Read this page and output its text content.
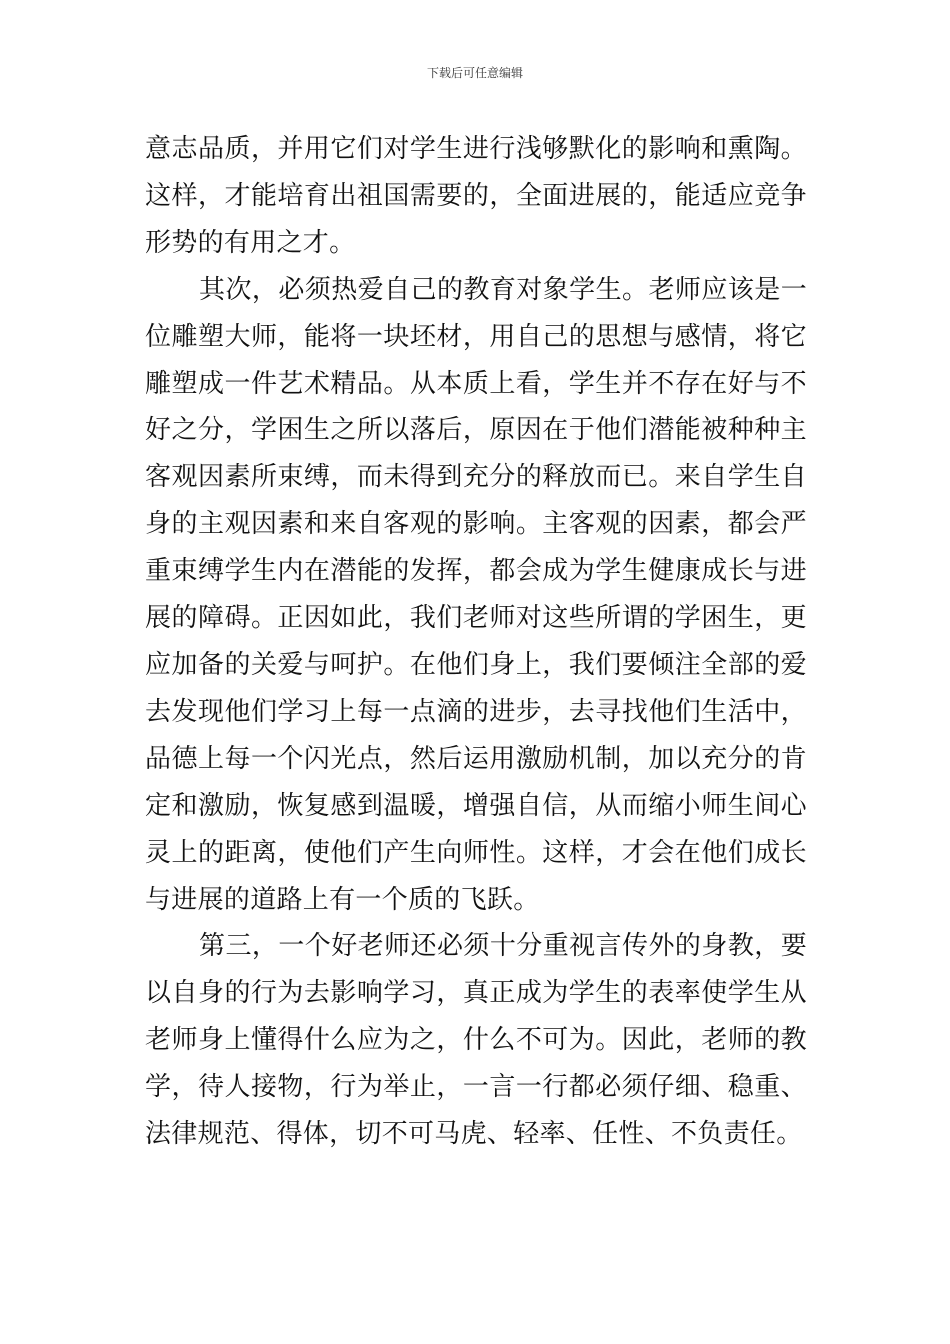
下载后可任意编辑

意志品质，并用它们对学生进行浅够默化的影响和熏陶。这样，才能培育出祖国需要的，全面进展的，能适应竞争形势的有用之才。

其次，必须热爱自己的教育对象学生。老师应该是一位雕塑大师，能将一块坯材，用自己的思想与感情，将它雕塑成一件艺术精品。从本质上看，学生并不存在好与不好之分，学困生之所以落后，原因在于他们潜能被种种主客观因素所束缚，而未得到充分的释放而已。来自学生自身的主观因素和来自客观的影响。主客观的因素，都会严重束缚学生内在潜能的发挥，都会成为学生健康成长与进展的障碍。正因如此，我们老师对这些所谓的学困生，更应加备的关爱与呵护。在他们身上，我们要倾注全部的爱去发现他们学习上每一点滴的进步，去寻找他们生活中，品德上每一个闪光点，然后运用激励机制，加以充分的肯定和激励，恢复感到温暖，增强自信，从而缩小师生间心灵上的距离，使他们产生向师性。这样，才会在他们成长与进展的道路上有一个质的飞跃。

第三，一个好老师还必须十分重视言传外的身教，要以自身的行为去影响学习，真正成为学生的表率使学生从老师身上懂得什么应为之，什么不可为。因此，老师的教学，待人接物，行为举止，一言一行都必须仔细、稳重、法律规范、得体，切不可马虎、轻率、任性、不负责任。
